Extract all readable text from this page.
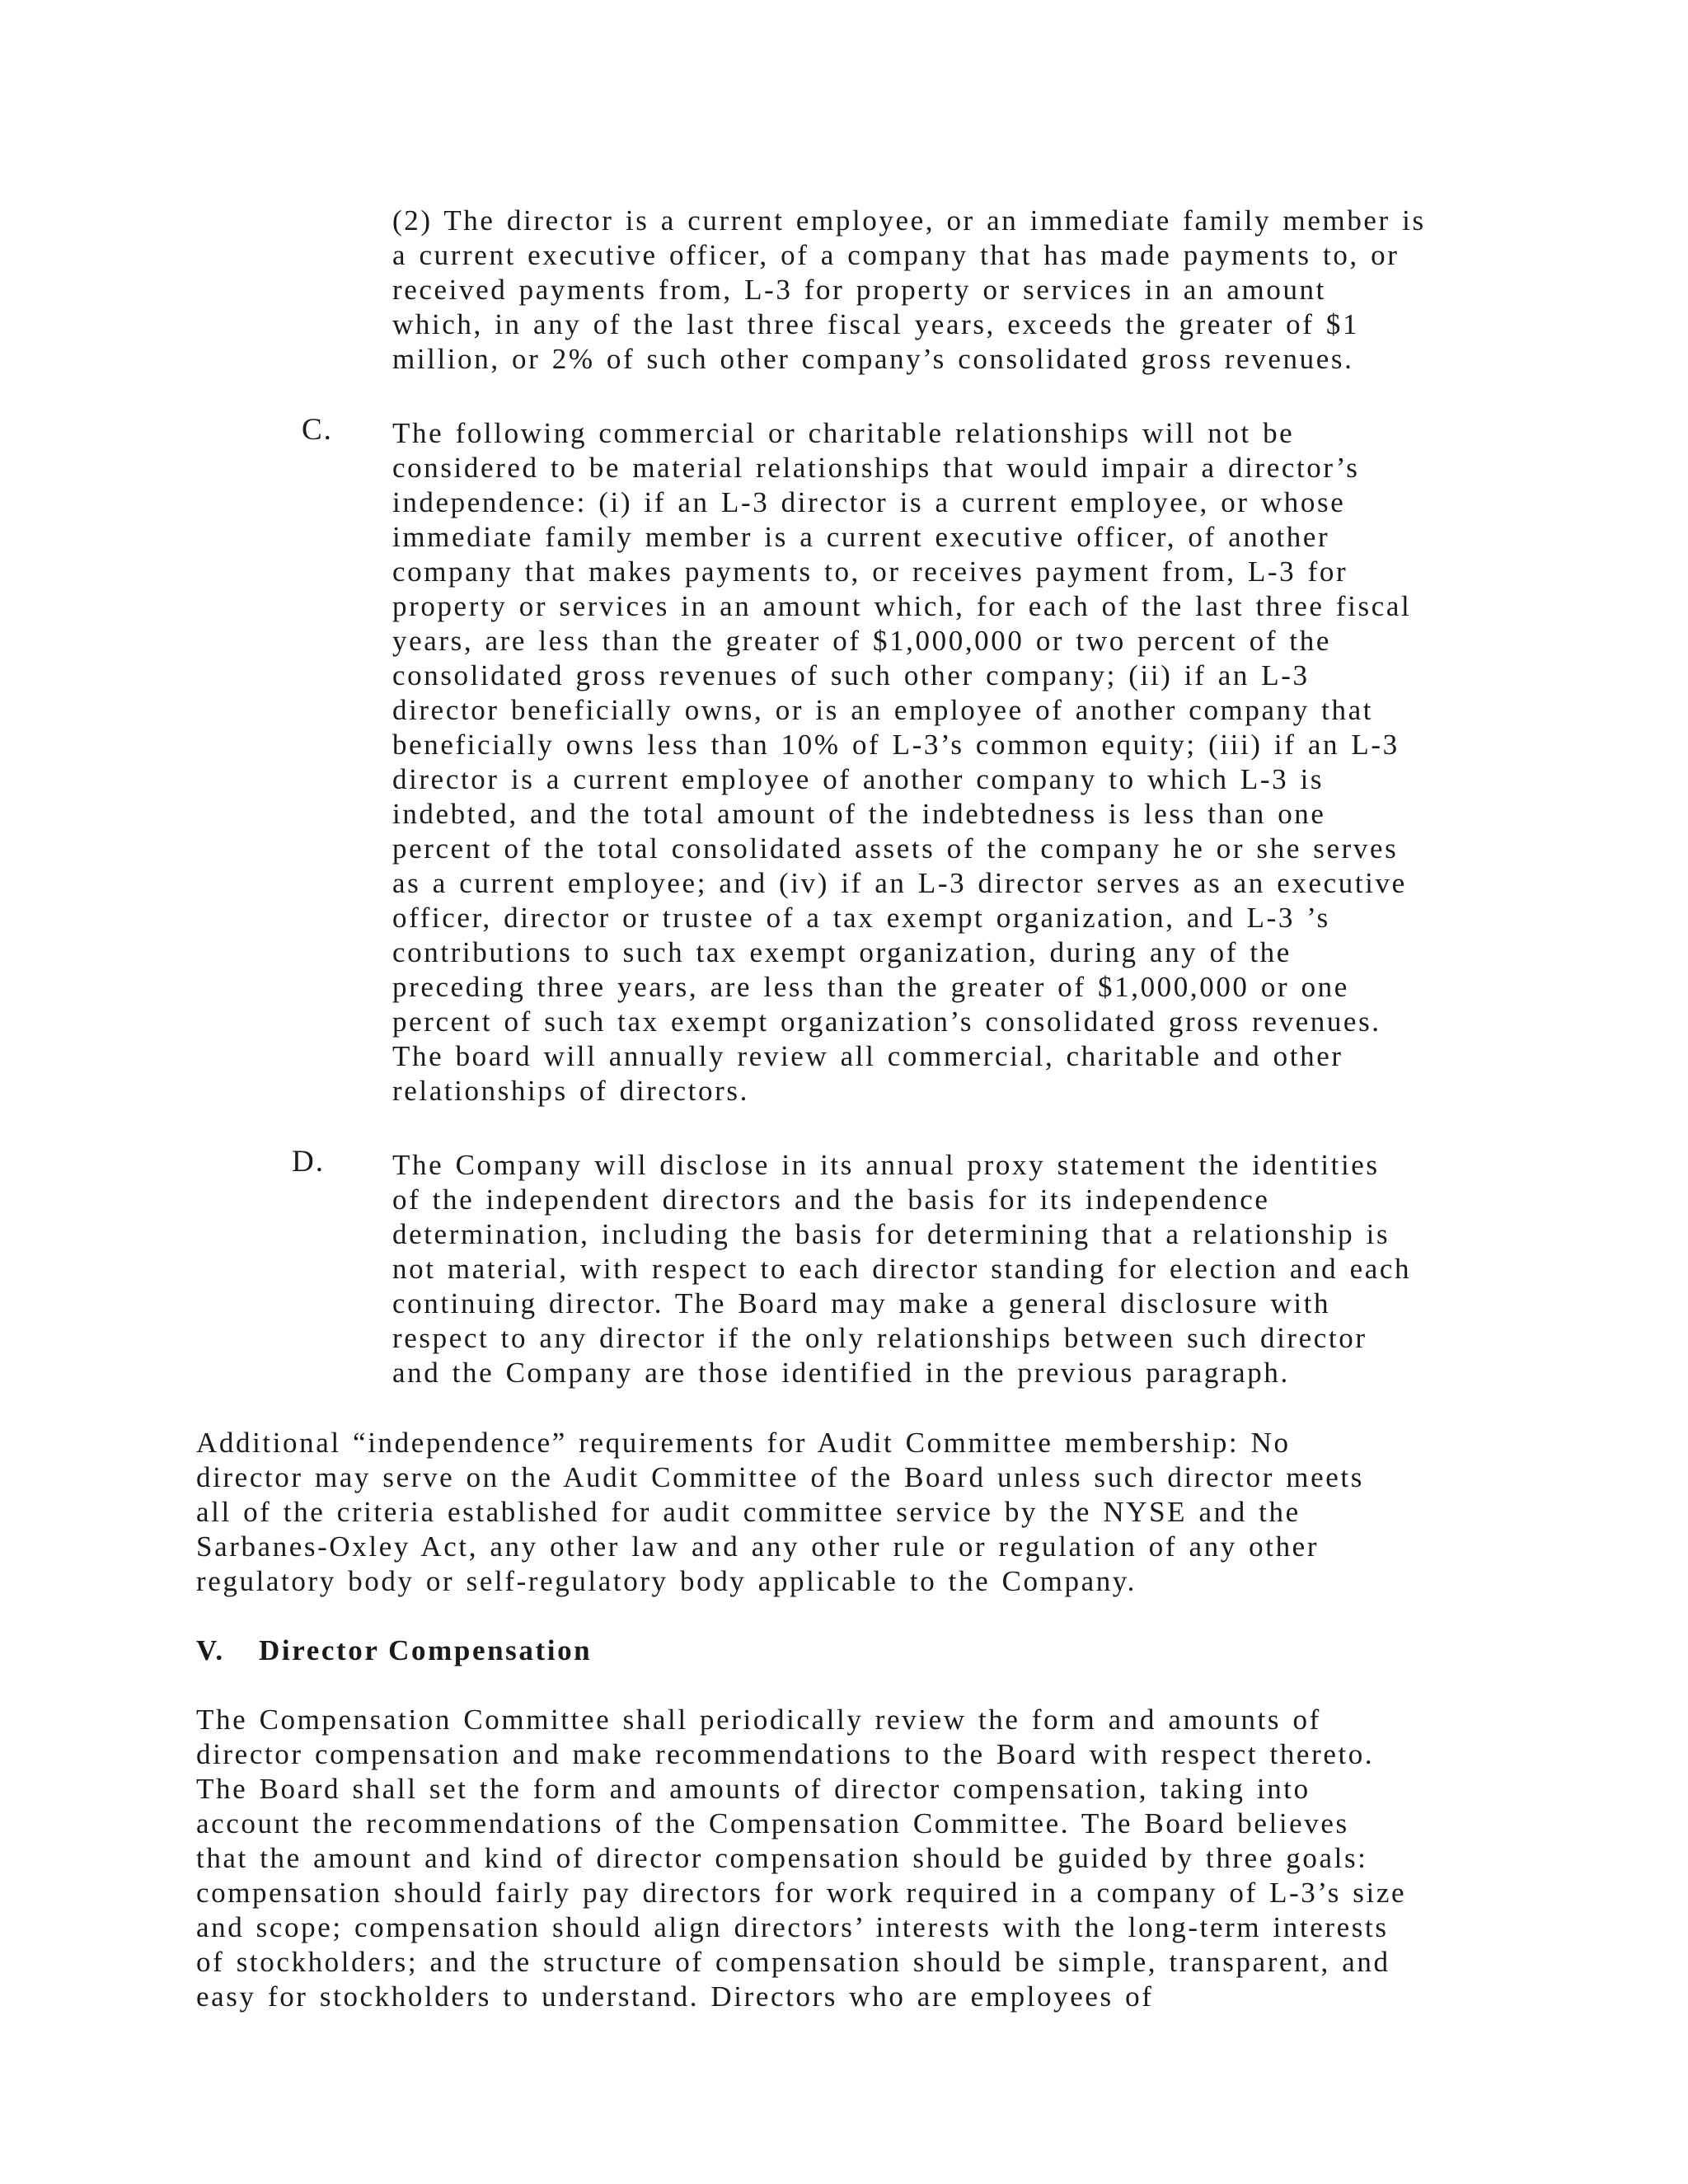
(2) The director is a current employee, or an immediate family member is
a current executive officer, of a company that has made payments to, or
received payments from, L-3 for property or services in an amount
which, in any of the last three fiscal years, exceeds the greater of $1
million, or 2% of such other company’s consolidated gross revenues.
C. The following commercial or charitable relationships will not be
considered to be material relationships that would impair a director’s
independence: (i) if an L-3 director is a current employee, or whose
immediate family member is a current executive officer, of another
company that makes payments to, or receives payment from, L-3 for
property or services in an amount which, for each of the last three fiscal
years, are less than the greater of $1,000,000 or two percent of the
consolidated gross revenues of such other company; (ii) if an L-3
director beneficially owns, or is an employee of another company that
beneficially owns less than 10% of L-3’s common equity; (iii) if an L-3
director is a current employee of another company to which L-3 is
indebted, and the total amount of the indebtedness is less than one
percent of the total consolidated assets of the company he or she serves
as a current employee; and (iv) if an L-3 director serves as an executive
officer, director or trustee of a tax exempt organization, and L-3 ’s
contributions to such tax exempt organization, during any of the
preceding three years, are less than the greater of $1,000,000 or one
percent of such tax exempt organization’s consolidated gross revenues.
The board will annually review all commercial, charitable and other
relationships of directors.
D. The Company will disclose in its annual proxy statement the identities
of the independent directors and the basis for its independence
determination, including the basis for determining that a relationship is
not material, with respect to each director standing for election and each
continuing director. The Board may make a general disclosure with
respect to any director if the only relationships between such director
and the Company are those identified in the previous paragraph.
Additional “independence” requirements for Audit Committee membership: No
director may serve on the Audit Committee of the Board unless such director meets
all of the criteria established for audit committee service by the NYSE and the
Sarbanes-Oxley Act, any other law and any other rule or regulation of any other
regulatory body or self-regulatory body applicable to the Company.
V. Director Compensation
The Compensation Committee shall periodically review the form and amounts of
director compensation and make recommendations to the Board with respect thereto.
The Board shall set the form and amounts of director compensation, taking into
account the recommendations of the Compensation Committee. The Board believes
that the amount and kind of director compensation should be guided by three goals:
compensation should fairly pay directors for work required in a company of L-3’s size
and scope; compensation should align directors’ interests with the long-term interests
of stockholders; and the structure of compensation should be simple, transparent, and
easy for stockholders to understand. Directors who are employees of
